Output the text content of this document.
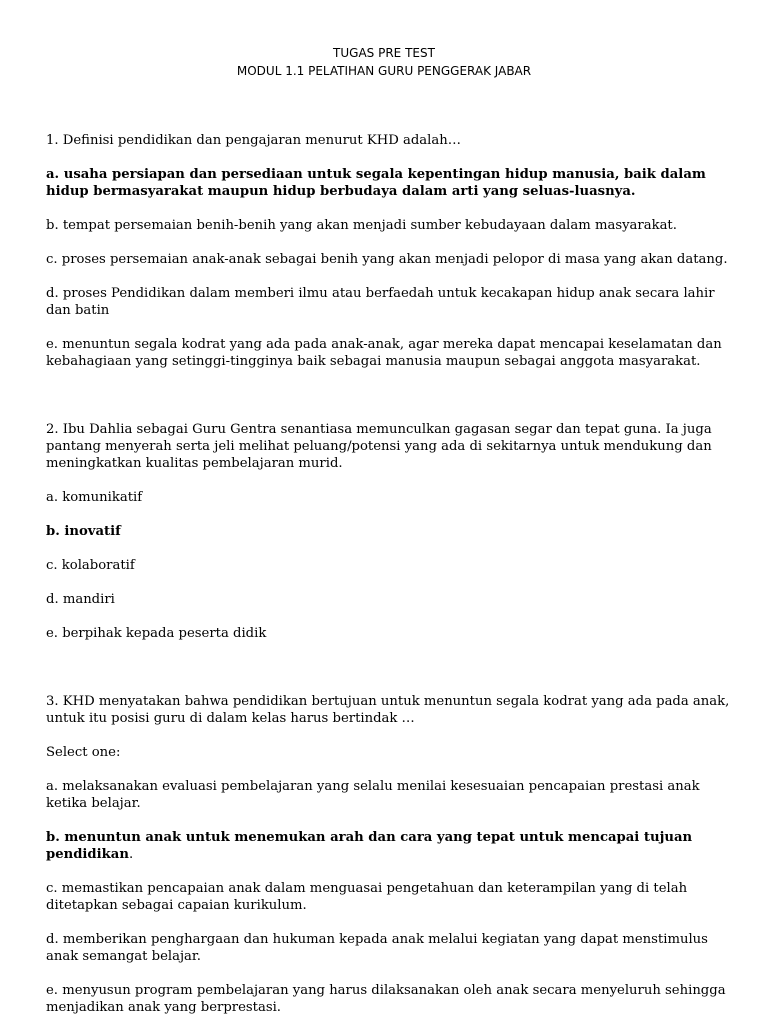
TUGAS PRE TEST
MODUL 1.1 PELATIHAN GURU PENGGERAK JABAR

1. Definisi pendidikan dan pengajaran menurut KHD adalah…

a. usaha persiapan dan persediaan untuk segala kepentingan hidup manusia, baik dalam hidup bermasyarakat maupun hidup berbudaya dalam arti yang seluas-luasnya.

b. tempat persemaian benih-benih yang akan menjadi sumber kebudayaan dalam masyarakat.

c. proses persemaian anak-anak sebagai benih yang akan menjadi pelopor di masa yang akan datang.

d. proses Pendidikan dalam memberi ilmu atau berfaedah untuk kecakapan hidup anak secara lahir dan batin

e. menuntun segala kodrat yang ada pada anak-anak, agar mereka dapat mencapai keselamatan dan kebahagiaan yang setinggi-tingginya baik sebagai manusia maupun sebagai anggota masyarakat.

2. Ibu Dahlia sebagai Guru Gentra senantiasa memunculkan gagasan segar dan tepat guna. Ia juga pantang menyerah serta jeli melihat peluang/potensi yang ada di sekitarnya untuk mendukung dan meningkatkan kualitas pembelajaran murid.

a. komunikatif

b. inovatif

c. kolaboratif

d. mandiri

e. berpihak kepada peserta didik

3. KHD menyatakan bahwa pendidikan bertujuan untuk menuntun segala kodrat yang ada pada anak, untuk itu posisi guru di dalam kelas harus bertindak …

Select one:

a. melaksanakan evaluasi pembelajaran yang selalu menilai kesesuaian pencapaian prestasi anak ketika belajar.

b. menuntun anak untuk menemukan arah dan cara yang tepat untuk mencapai tujuan pendidikan.

c. memastikan pencapaian anak dalam menguasai pengetahuan dan keterampilan yang di telah ditetapkan sebagai capaian kurikulum.

d. memberikan penghargaan dan hukuman kepada anak melalui kegiatan yang dapat menstimulus anak semangat belajar.

e. menyusun program pembelajaran yang harus dilaksanakan oleh anak secara menyeluruh sehingga menjadikan anak yang berprestasi.
